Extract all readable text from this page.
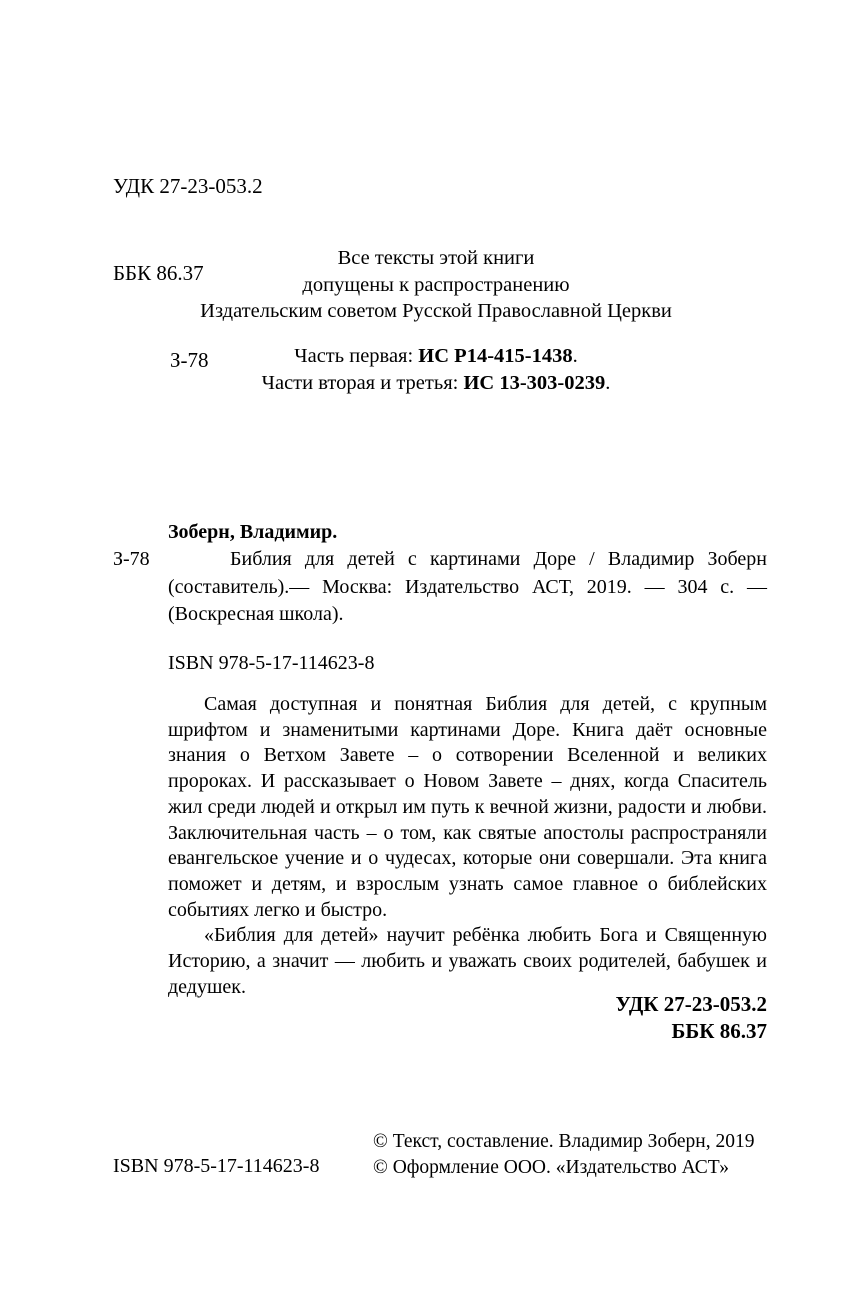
УДК 27-23-053.2

ББК 86.37

З-78

Все тексты этой книги
допущены к распространению
Издательским советом Русской Православной Церкви
Часть первая: ИС Р14-415-1438.
Части вторая и третья: ИС 13-303-0239.
Зоберн, Владимир.
З-78	Библия для детей с картинами Доре / Владимир Зоберн (составитель).— Москва: Издательство АСТ, 2019. — 304 с. — (Воскресная школа).
ISBN 978-5-17-114623-8

Самая доступная и понятная Библия для детей, с крупным шрифтом и знаменитыми картинами Доре. Книга даёт основные знания о Ветхом Завете – о сотворении Вселенной и великих пророках. И рассказывает о Новом Завете – днях, когда Спаситель жил среди людей и открыл им путь к вечной жизни, радости и любви. Заключительная часть – о том, как святые апостолы распространяли евангельское учение и о чудесах, которые они совершали. Эта книга поможет и детям, и взрослым узнать самое главное о библейских событиях легко и быстро.

«Библия для детей» научит ребёнка любить Бога и Священную Историю, а значит — любить и уважать своих родителей, бабушек и дедушек.

УДК 27-23-053.2
ББК 86.37
ISBN 978-5-17-114623-8
© Текст, составление. Владимир Зоберн, 2019
© Оформление ООО. «Издательство АСТ»
